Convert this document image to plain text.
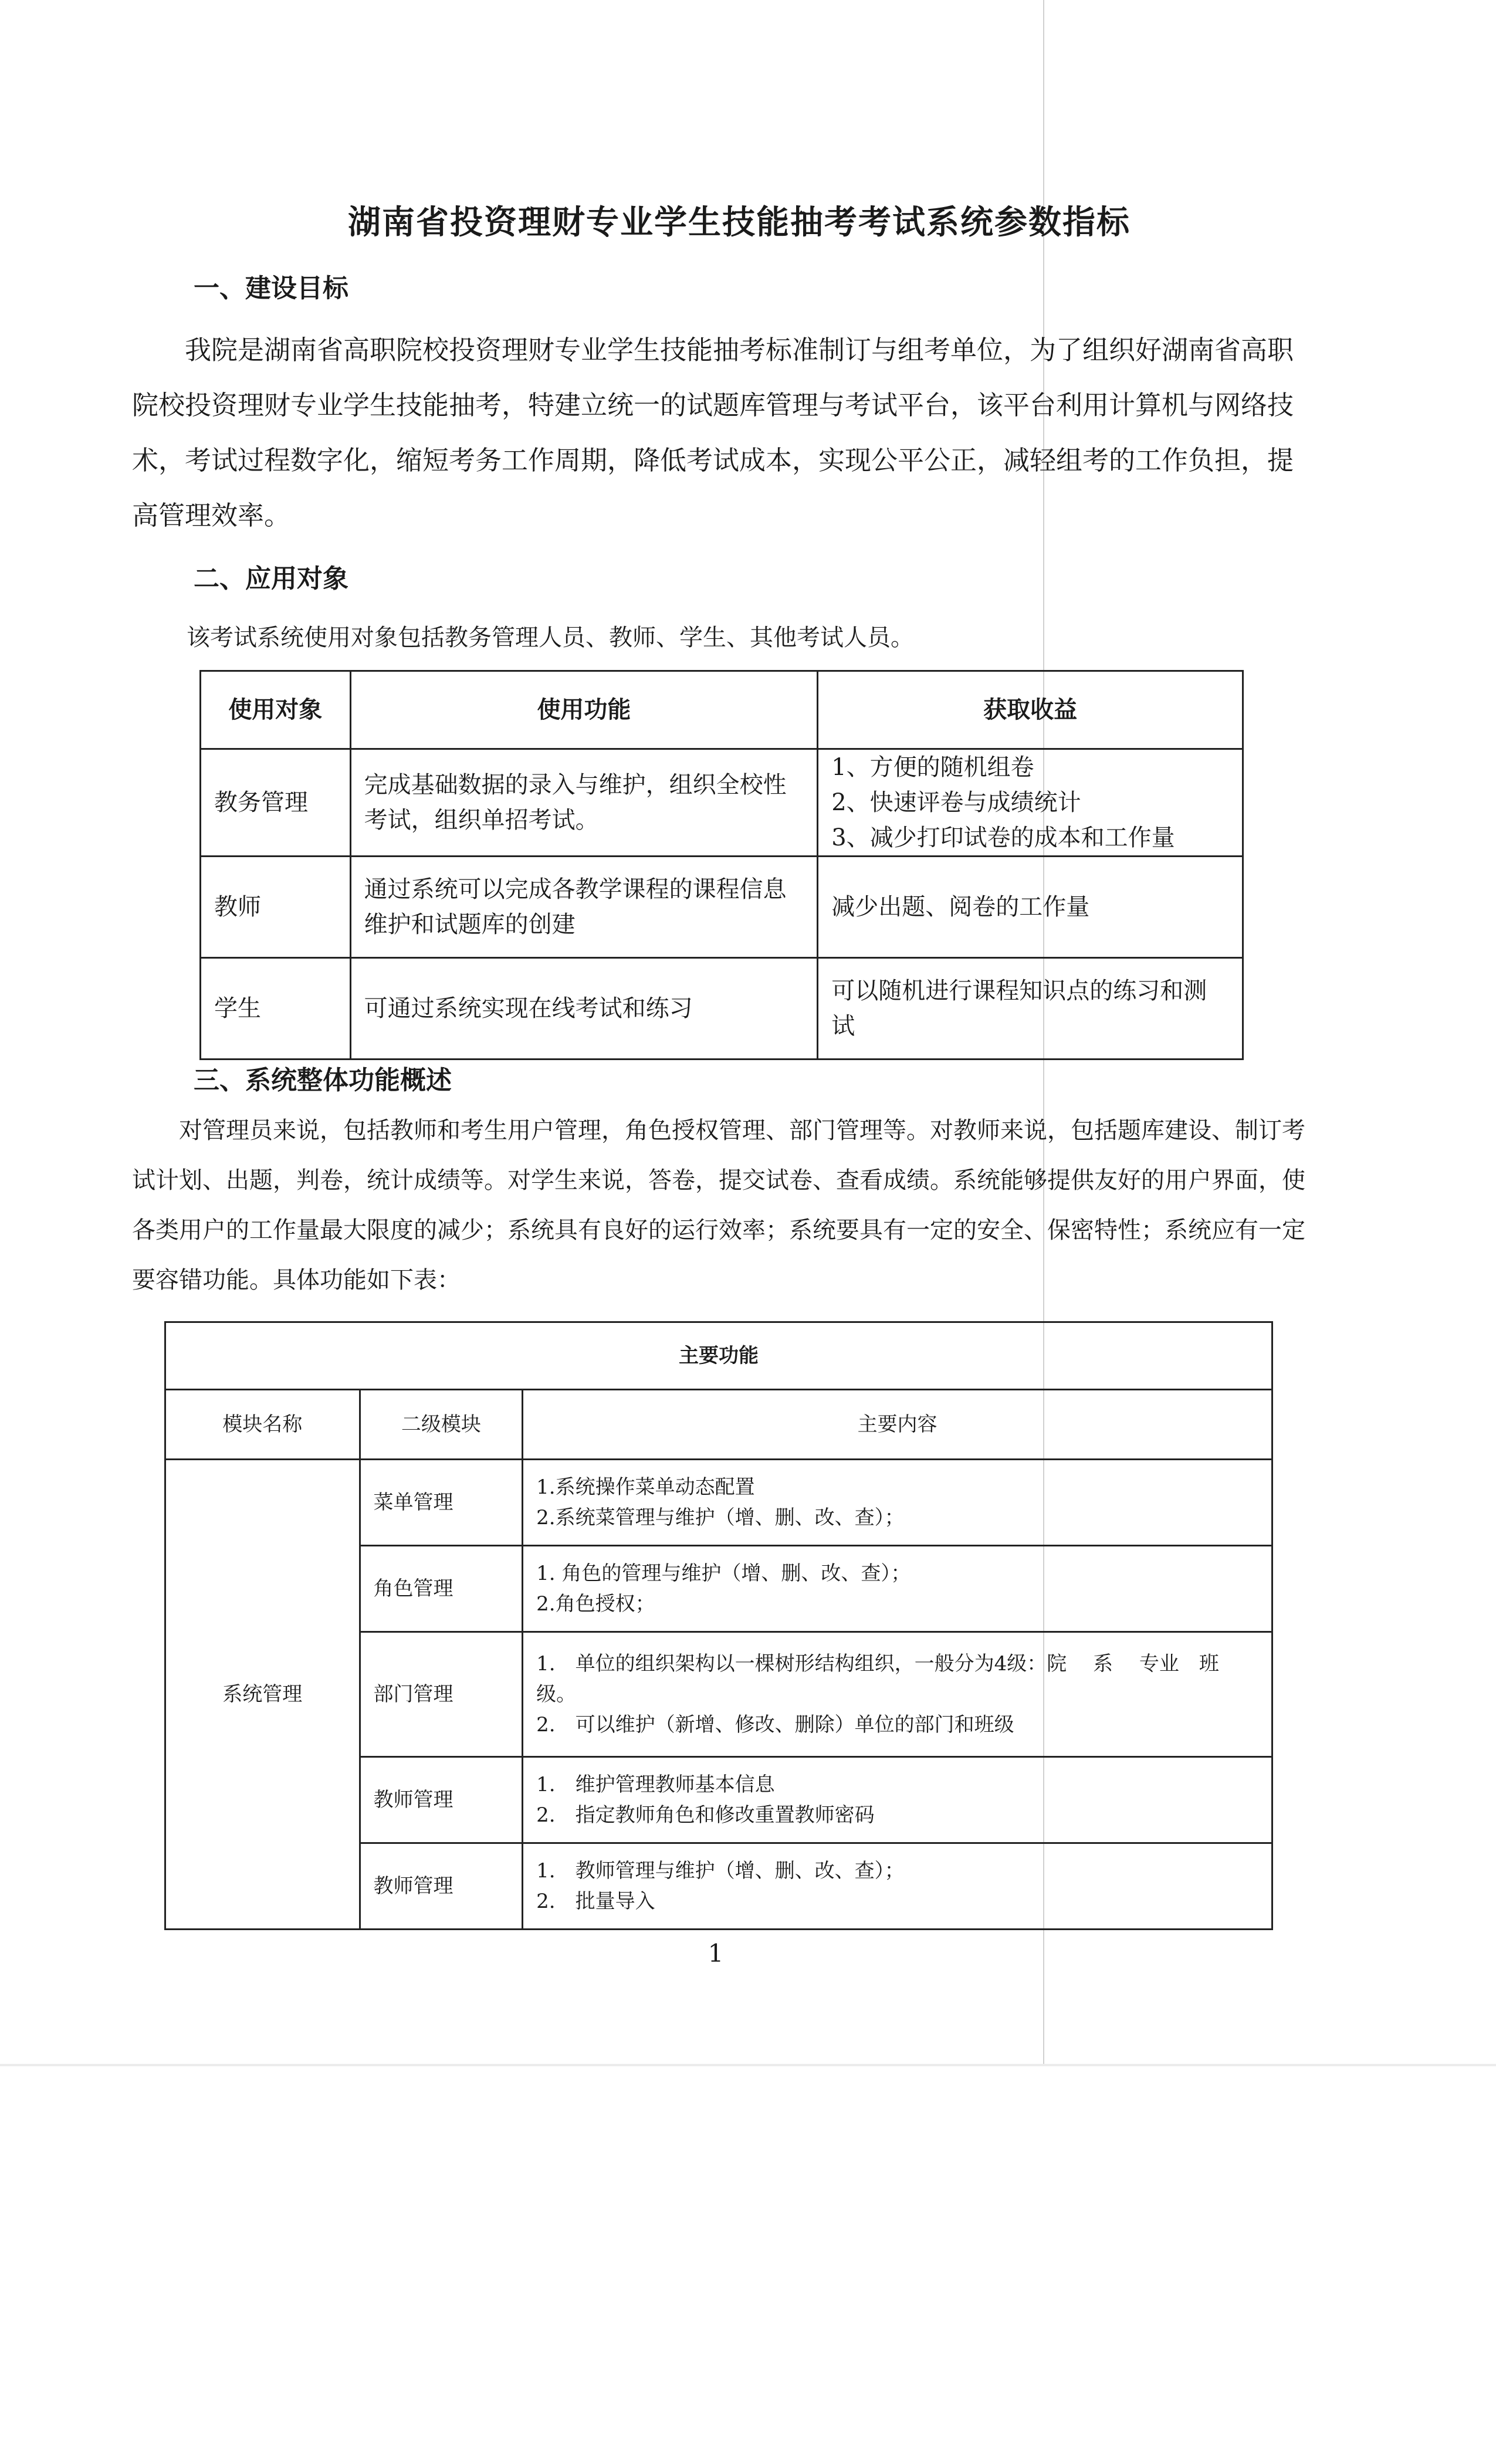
湖南省投资理财专业学生技能抽考考试系统参数指标
一、建设目标

我院是湖南省高职院校投资理财专业学生技能抽考标准制订与组考单位，为了组织好湖南省高职院校投资理财专业学生技能抽考，特建立统一的试题库管理与考试平台，该平台利用计算机与网络技术，考试过程数字化，缩短考务工作周期，降低考试成本，实现公平公正，减轻组考的工作负担，提高管理效率。

二、应用对象
该考试系统使用对象包括教务管理人员、教师、学生、其他考试人员。
使用对象	使用功能	获取收益
教务管理	完成基础数据的录入与维护，组织全校性考试，组织单招考试。	1、方便的随机组卷
2、快速评卷与成绩统计
3、减少打印试卷的成本和工作量

教师	通过系统可以完成各教学课程的课程信息维护和试题库的创建	减少出题、阅卷的工作量
学生	可通过系统实现在线考试和练习	可以随机进行课程知识点的练习和测试
三、系统整体功能概述

对管理员来说，包括教师和考生用户管理，角色授权管理、部门管理等。对教师来说，包括题库建设、制订考试计划、出题，判卷，统计成绩等。对学生来说，答卷，提交试卷、查看成绩。系统能够提供友好的用户界面，使各类用户的工作量最大限度的减少；系统具有良好的运行效率；系统要具有一定的安全、保密特性；系统应有一定要容错功能。具体功能如下表：

主要功能		
模块名称	二级模块	主要内容
系统管理	菜单管理	1.系统操作菜单动态配置
2.系统菜管理与维护（增、删、改、查）；

	角色管理	1. 角色的管理与维护（增、删、改、查）；
2.角色授权；

	部门管理	1.　单位的组织架构以一棵树形结构组织，一般分为4级：院　 系　 专业　班级。
2.　可以维护（新增、修改、删除）单位的部门和班级

	教师管理	1.　维护管理教师基本信息
2.　指定教师角色和修改重置教师密码

	教师管理	1.　教师管理与维护（增、删、改、查）；
2.　批量导入
1
